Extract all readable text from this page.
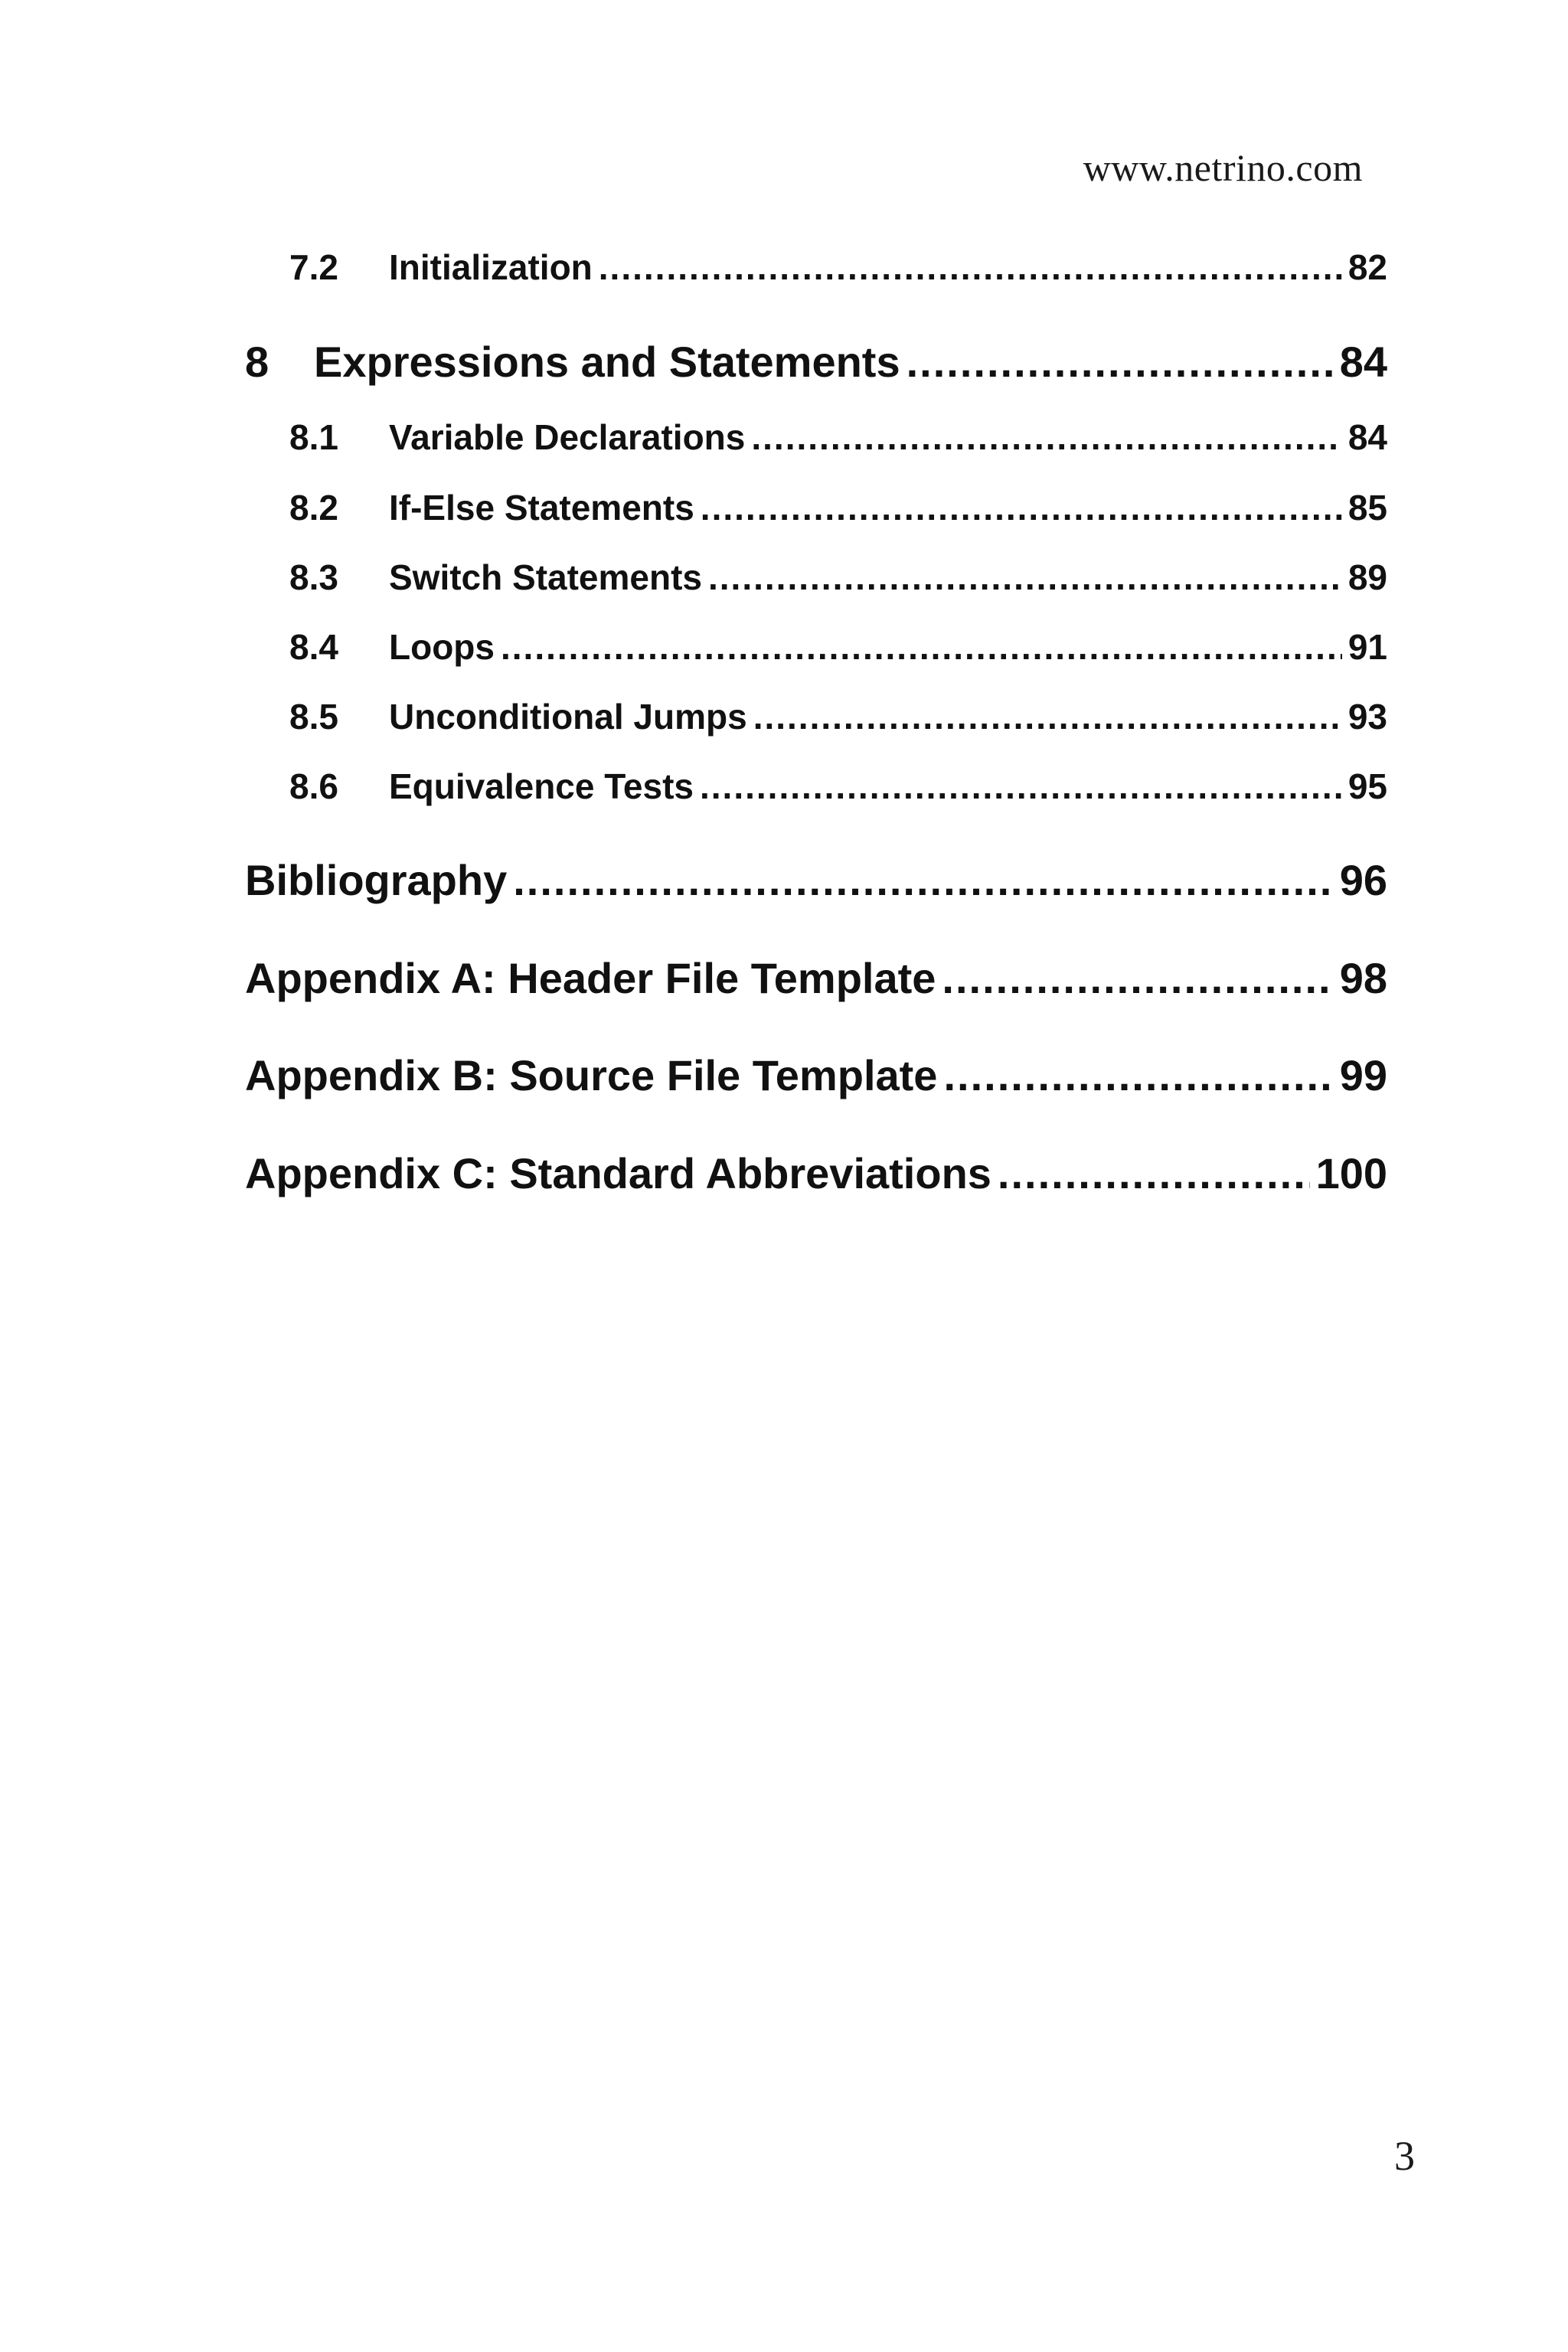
www.netrino.com
7.2 Initialization .....	82
8	Expressions and Statements .....	84
8.1 Variable Declarations .....	84
8.2 If-Else Statements .....	85
8.3 Switch Statements .....	89
8.4 Loops .....	91
8.5 Unconditional Jumps .....	93
8.6 Equivalence Tests .....	95
Bibliography .....	96
Appendix A: Header File Template .....	98
Appendix B: Source File Template .....	99
Appendix C: Standard Abbreviations .....	100
3
